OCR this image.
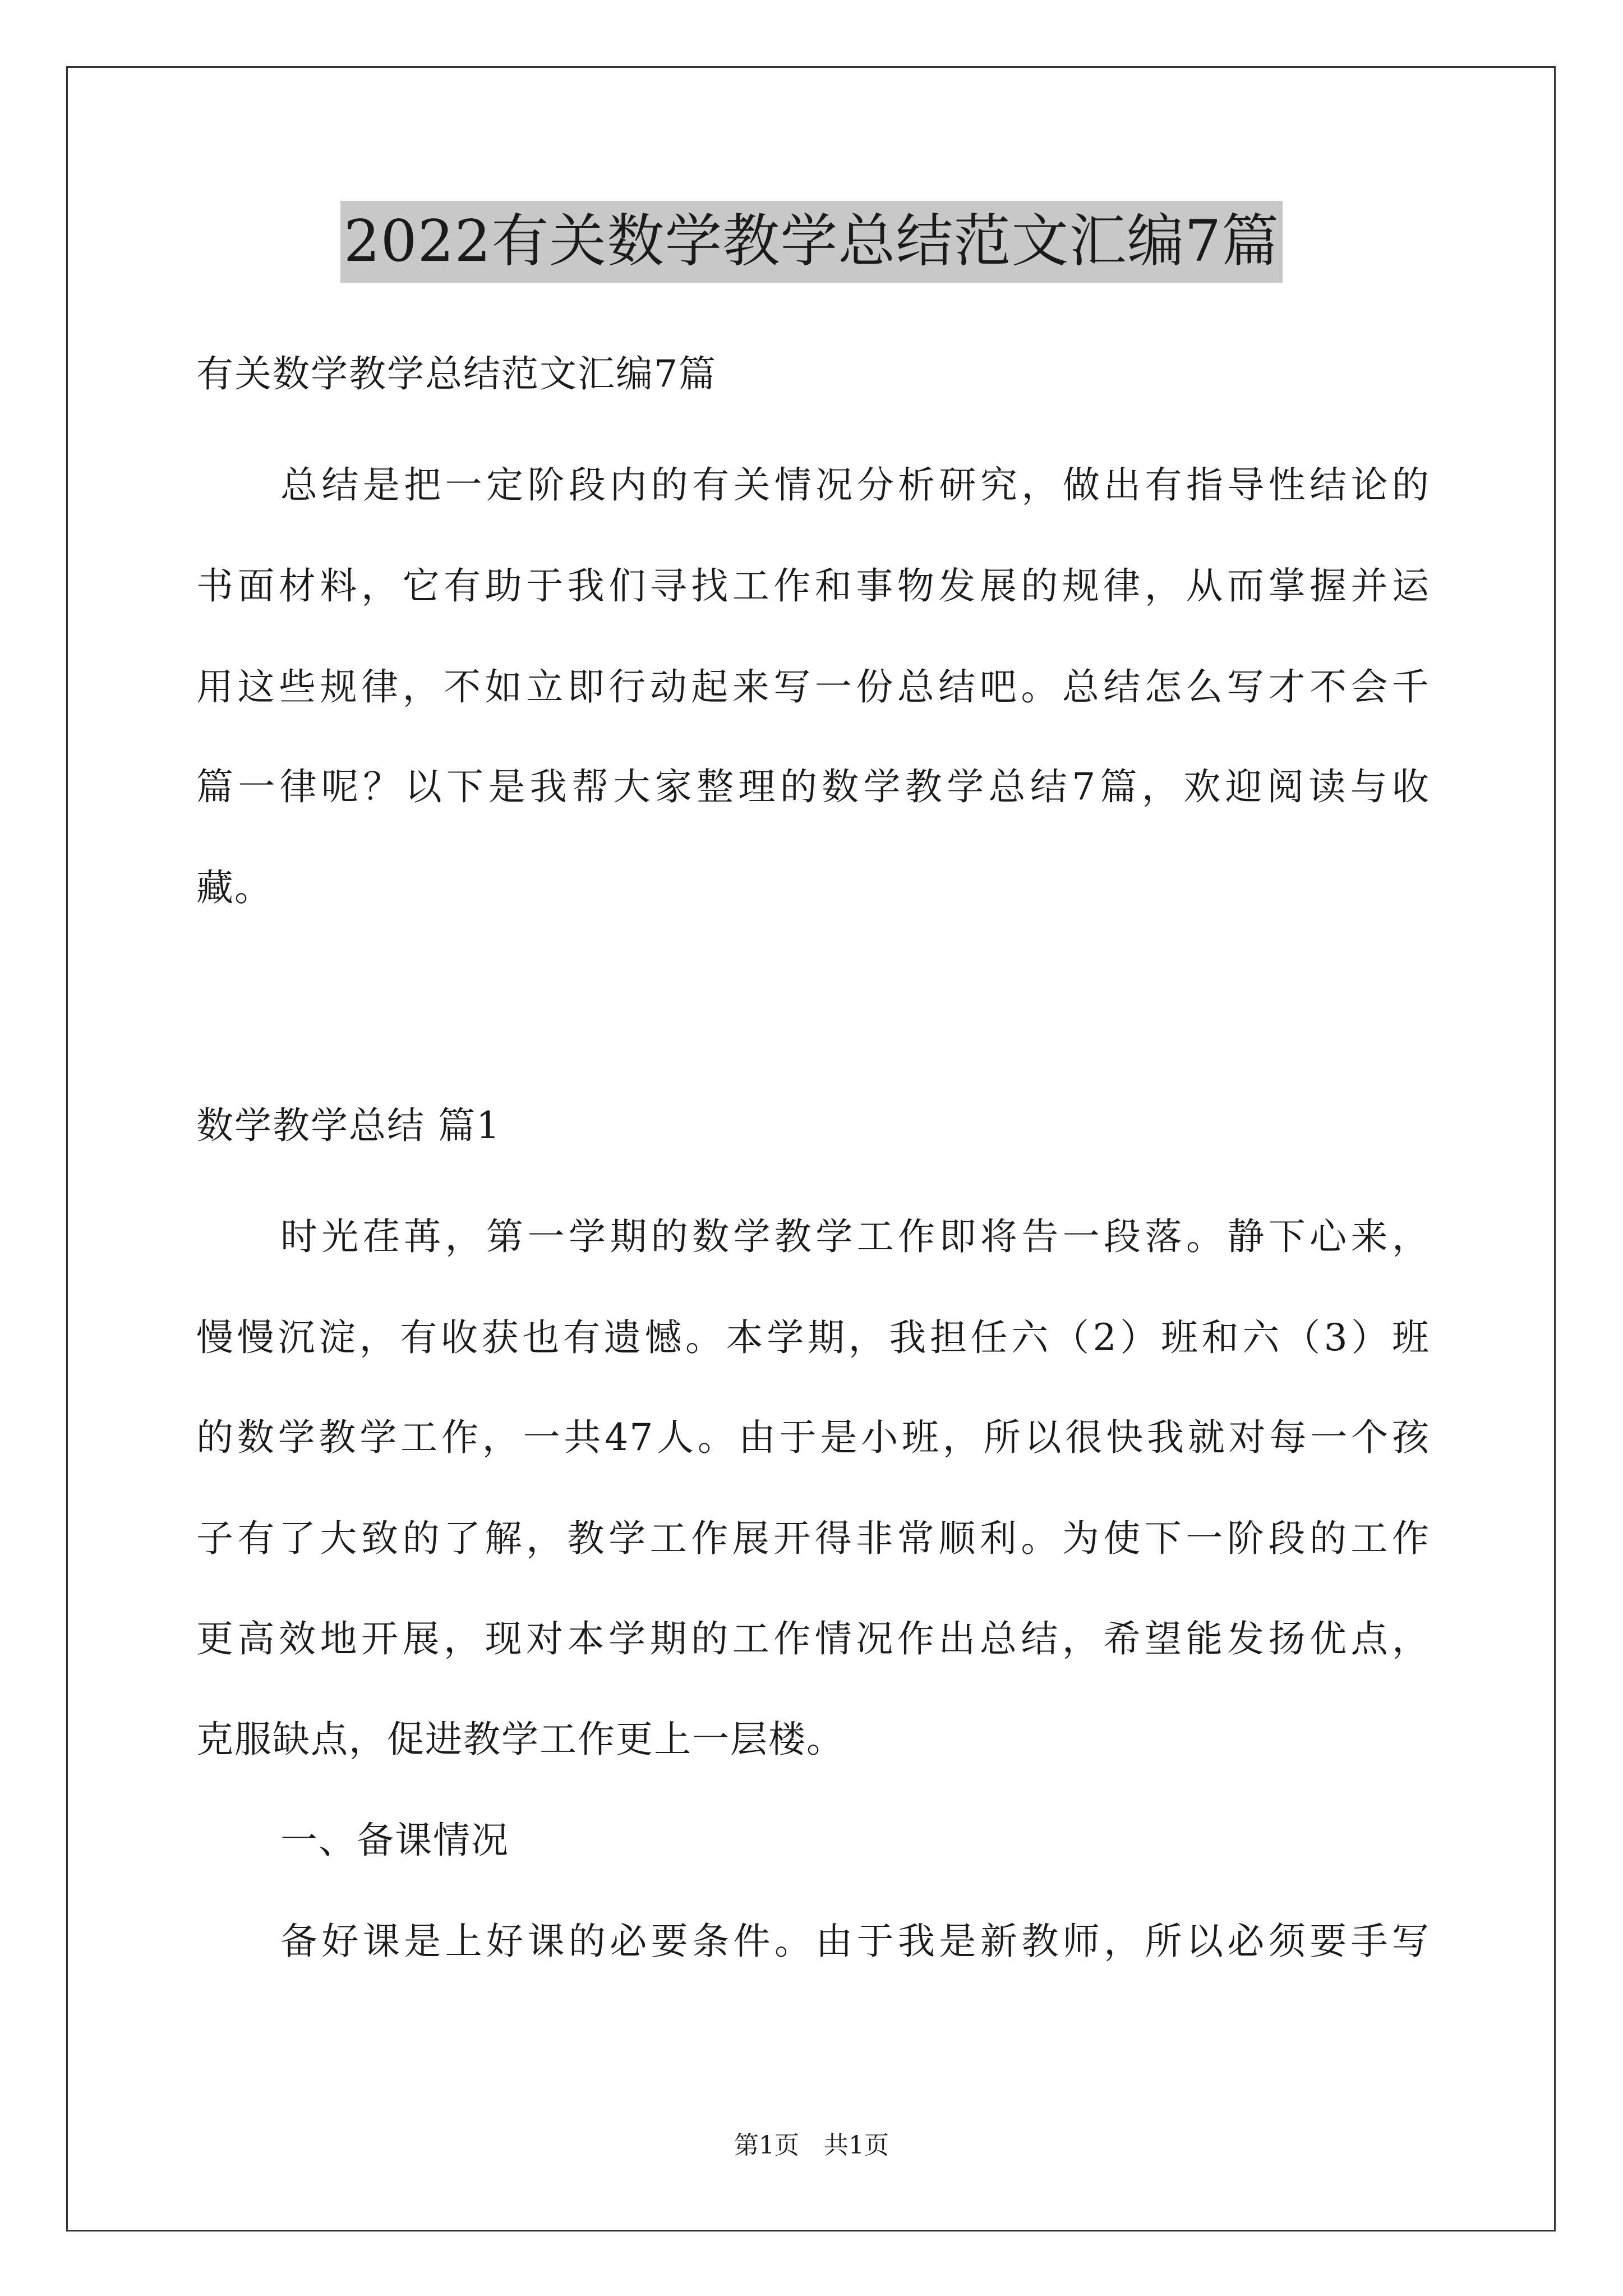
2022有关数学教学总结范文汇编7篇
有关数学教学总结范文汇编7篇
总结是把一定阶段内的有关情况分析研究，做出有指导性结论的
书面材料，它有助于我们寻找工作和事物发展的规律，从而掌握并运
用这些规律，不如立即行动起来写一份总结吧。总结怎么写才不会千
篇一律呢？以下是我帮大家整理的数学教学总结7篇，欢迎阅读与收
藏。
数学教学总结 篇1
时光荏苒，第一学期的数学教学工作即将告一段落。静下心来，
慢慢沉淀，有收获也有遗憾。本学期，我担任六（2）班和六（3）班
的数学教学工作，一共47人。由于是小班，所以很快我就对每一个孩
子有了大致的了解，教学工作展开得非常顺利。为使下一阶段的工作
更高效地开展，现对本学期的工作情况作出总结，希望能发扬优点，
克服缺点，促进教学工作更上一层楼。
一、备课情况
备好课是上好课的必要条件。由于我是新教师，所以必须要手写
第1页　共1页
